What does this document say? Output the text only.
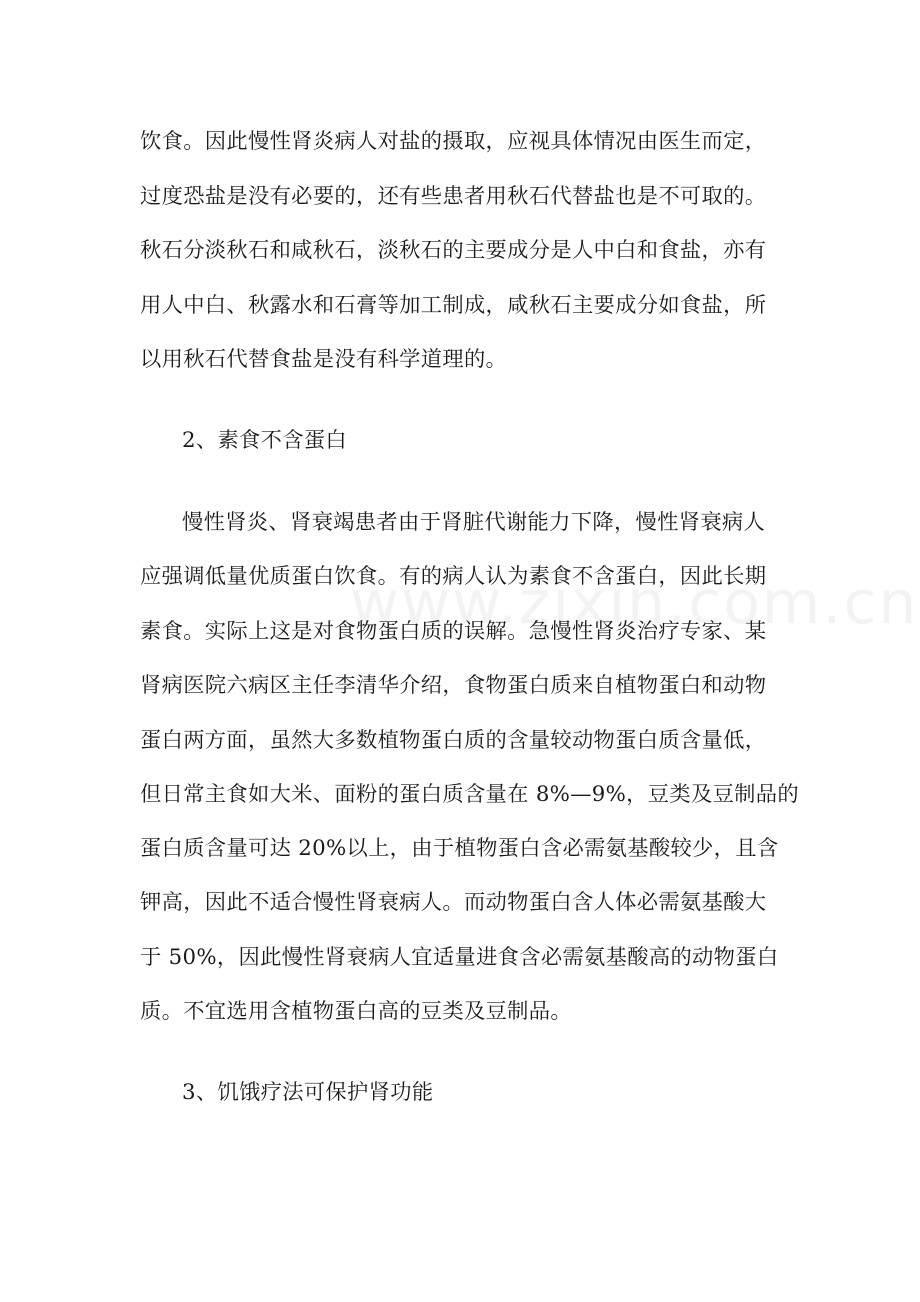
饮食。因此慢性肾炎病人对盐的摄取，应视具体情况由医生而定，
过度恐盐是没有必要的，还有些患者用秋石代替盐也是不可取的。
秋石分淡秋石和咸秋石，淡秋石的主要成分是人中白和食盐，亦有
用人中白、秋露水和石膏等加工制成，咸秋石主要成分如食盐，所
以用秋石代替食盐是没有科学道理的。
2、素食不含蛋白
慢性肾炎、肾衰竭患者由于肾脏代谢能力下降，慢性肾衰病人
应强调低量优质蛋白饮食。有的病人认为素食不含蛋白，因此长期
素食。实际上这是对食物蛋白质的误解。急慢性肾炎治疗专家、某
肾病医院六病区主任李清华介绍，食物蛋白质来自植物蛋白和动物
蛋白两方面，虽然大多数植物蛋白质的含量较动物蛋白质含量低，
但日常主食如大米、面粉的蛋白质含量在 8%—9%，豆类及豆制品的
蛋白质含量可达 20%以上，由于植物蛋白含必需氨基酸较少，且含
钾高，因此不适合慢性肾衰病人。而动物蛋白含人体必需氨基酸大
于 50%，因此慢性肾衰病人宜适量进食含必需氨基酸高的动物蛋白
质。不宜选用含植物蛋白高的豆类及豆制品。
3、饥饿疗法可保护肾功能
